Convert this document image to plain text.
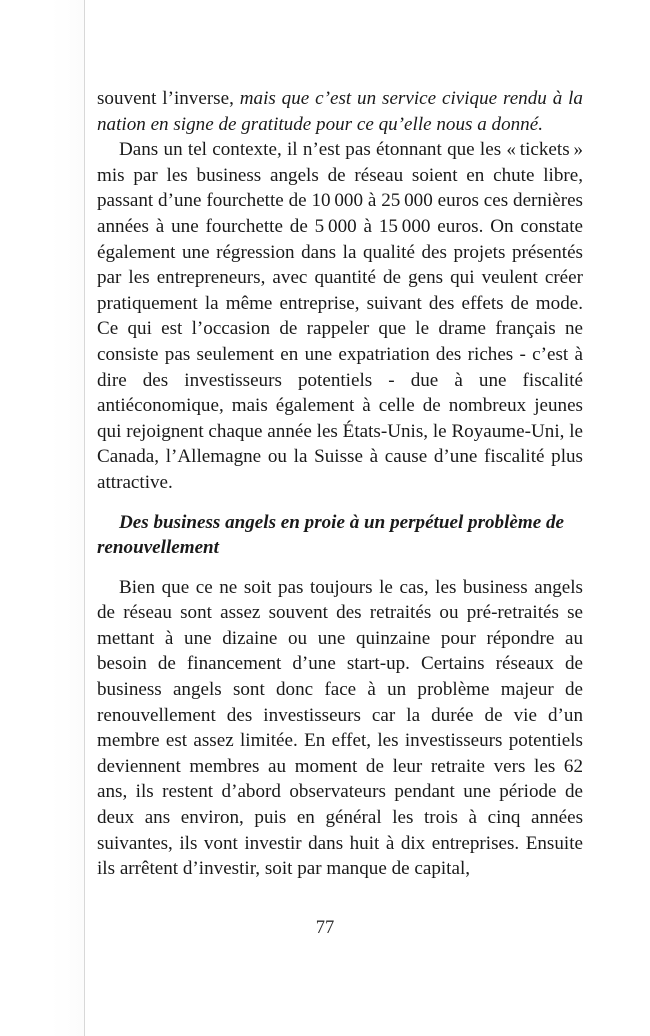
souvent l’inverse, mais que c’est un service civique rendu à la nation en signe de gratitude pour ce qu’elle nous a donné.

Dans un tel contexte, il n’est pas étonnant que les « tickets » mis par les business angels de réseau soient en chute libre, passant d’une fourchette de 10 000 à 25 000 euros ces dernières années à une fourchette de 5 000 à 15 000 euros. On constate également une régression dans la qualité des projets présentés par les entrepreneurs, avec quantité de gens qui veulent créer pratiquement la même entreprise, suivant des effets de mode. Ce qui est l’occasion de rappeler que le drame français ne consiste pas seulement en une expatriation des riches - c’est à dire des investisseurs potentiels - due à une fiscalité antiéconomique, mais également à celle de nombreux jeunes qui rejoignent chaque année les États-Unis, le Royaume-Uni, le Canada, l’Allemagne ou la Suisse à cause d’une fiscalité plus attractive.

Des business angels en proie à un perpétuel problème de renouvellement

Bien que ce ne soit pas toujours le cas, les business angels de réseau sont assez souvent des retraités ou pré-retraités se mettant à une dizaine ou une quinzaine pour répondre au besoin de financement d’une start-up. Certains réseaux de business angels sont donc face à un problème majeur de renouvellement des investisseurs car la durée de vie d’un membre est assez limitée. En effet, les investisseurs potentiels deviennent membres au moment de leur retraite vers les 62 ans, ils restent d’abord observateurs pendant une période de deux ans environ, puis en général les trois à cinq années suivantes, ils vont investir dans huit à dix entreprises. Ensuite ils arrêtent d’investir, soit par manque de capital,

77
